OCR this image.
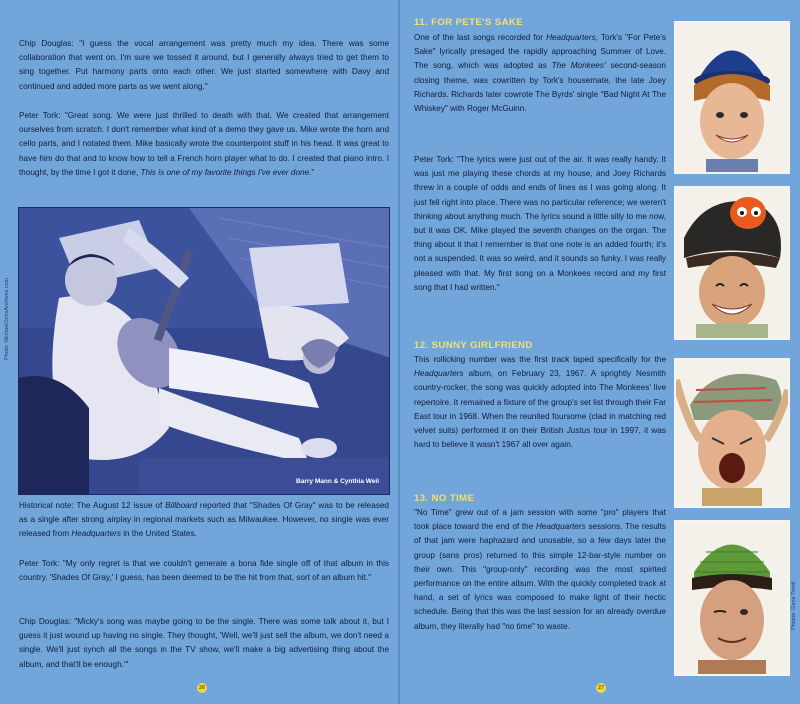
Chip Douglas: "I guess the vocal arrangement was pretty much my idea. There was some collaboration that went on. I'm sure we tossed it around, but I generally always tried to get them to sing together. Put harmony parts onto each other. We just started somewhere with Davy and continued and added more parts as we went along."

Peter Tork: "Great song. We were just thrilled to death with that. We created that arrangement ourselves from scratch. I don't remember what kind of a demo they gave us. Mike wrote the horn and cello parts, and I notated them. Mike basically wrote the counterpoint stuff in his head. It was great to have him do that and to know how to tell a French horn player what to do. I created that piano intro. I thought, by the time I got it done, This is one of my favorite things I've ever done."

Barry Mann & Cynthia Weil

Historical note: The August 12 issue of Billboard reported that "Shades Of Gray" was to be released as a single after strong airplay in regional markets such as Milwaukee. However, no single was ever released from Headquarters in the United States.

Peter Tork: "My only regret is that we couldn't generate a bona fide single off of that album in this country. 'Shades Of Gray,' I guess, has been deemed to be the hit from that, sort of an album hit."

Chip Douglas: "Micky's song was maybe going to be the single. There was some talk about it, but I guess it just wound up having no single. They thought, 'Well, we'll just sell the album, we don't need a single. We'll just synch all the songs in the TV show, we'll make a big advertising thing about the album, and that'll be enough.'"

26
Photo: MichaelOchsArchives.com
11. FOR PETE'S SAKE

One of the last songs recorded for Headquarters, Tork's "For Pete's Sake" lyrically presaged the rapidly approaching Summer of Love. The song, which was adopted as The Monkees' second-season closing theme, was cowritten by Tork's housemate, the late Joey Richards. Richards later cowrote The Byrds' single "Bad Night At The Whiskey" with Roger McGuinn.

Peter Tork: "The lyrics were just out of the air. It was really handy. It was just me playing these chords at my house, and Joey Richards threw in a couple of odds and ends of lines as I was going along. It just fell right into place. There was no particular reference; we weren't thinking about anything much. The lyrics sound a little silly to me now, but it was OK. Mike played the seventh changes on the organ. The thing about it that I remember is that one note is an added fourth; it's not a suspended. It was so weird, and it sounds so funky. I was really pleased with that. My first song on a Monkees record and my first song that I had written."

12. SUNNY GIRLFRIEND

This rollicking number was the first track taped specifically for the Headquarters album, on February 23, 1967. A sprightly Nesmith country-rocker, the song was quickly adopted into The Monkees' live repertoire. It remained a fixture of the group's set list through their Far East tour in 1968. When the reunited foursome (clad in matching red velvet suits) performed it on their British Justus tour in 1997, it was hard to believe it wasn't 1967 all over again.

13. NO TIME

"No Time" grew out of a jam session with some "pro" players that took place toward the end of the Headquarters sessions. The results of that jam were haphazard and unusable, so a few days later the group (sans pros) returned to this simple 12-bar-style number on their own. This "group-only" recording was the most spirited performance on the entire album. With the quickly completed track at hand, a set of lyrics was composed to make light of their hectic schedule. Being that this was the last session for an already overdue album, they literally had "no time" to waste.

27
Photos: Gene Trindl
